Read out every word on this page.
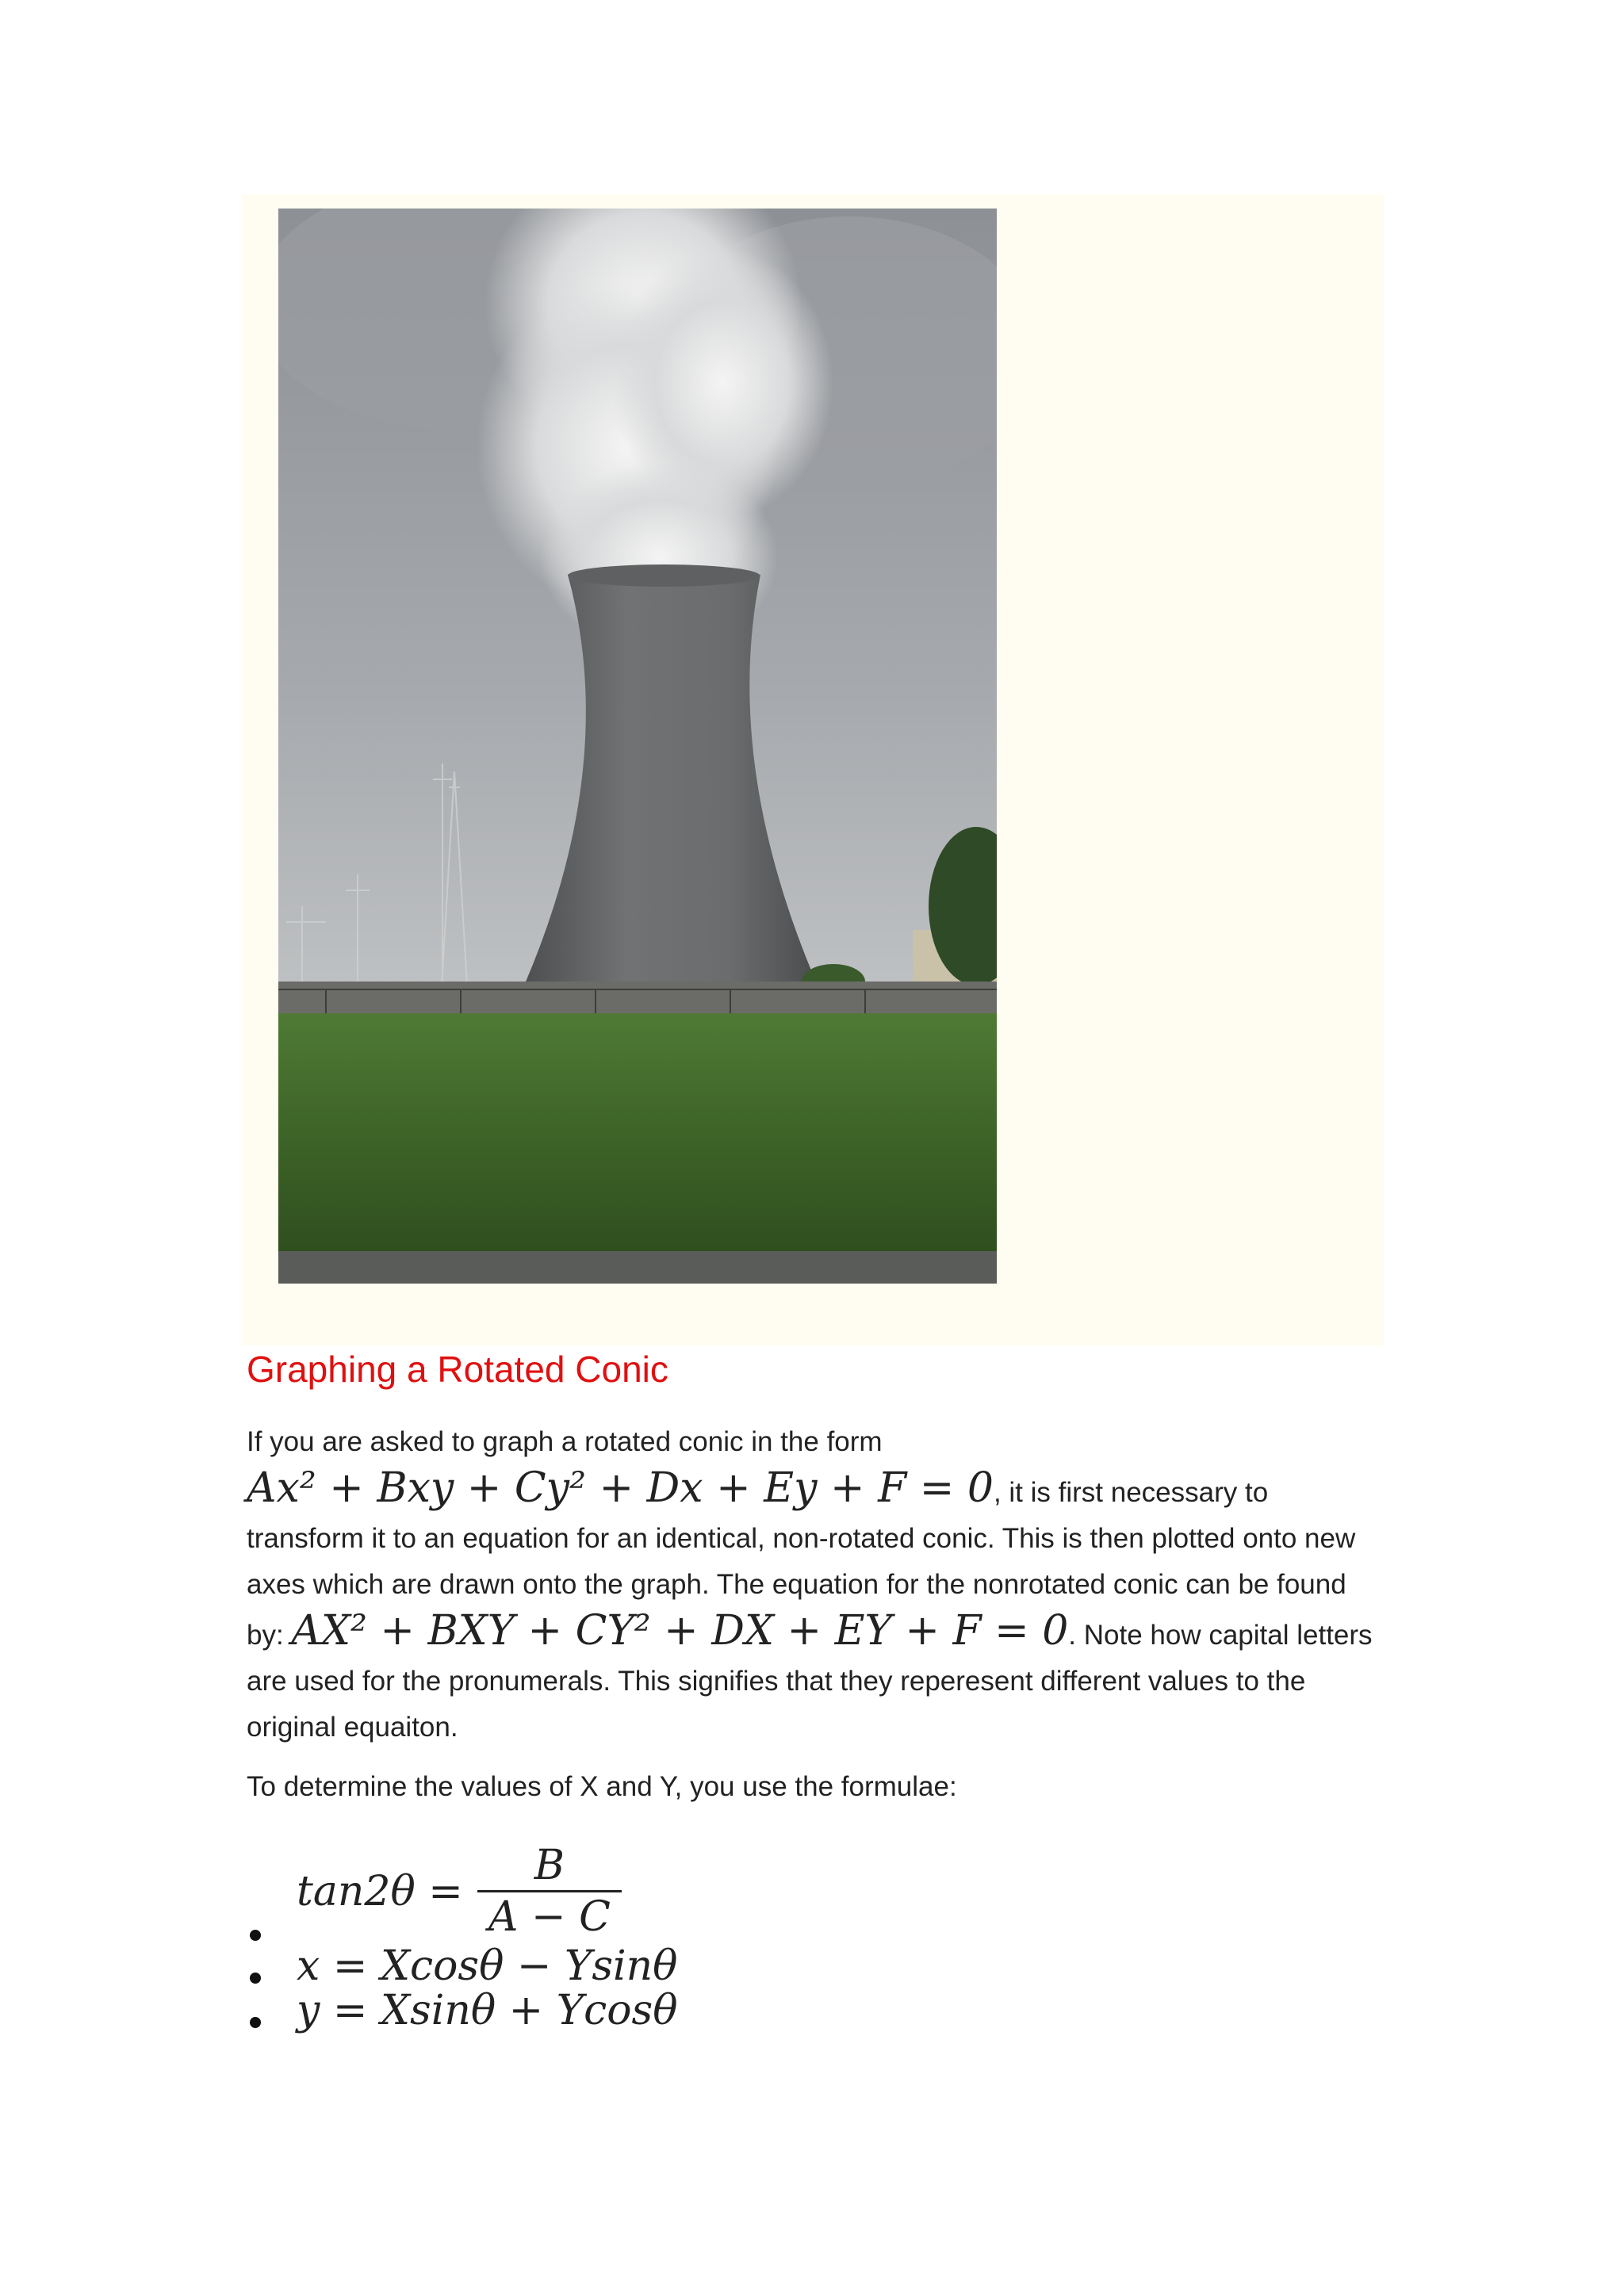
Graphing a Rotated Conic

If you are asked to graph a rotated conic in the form Ax² + Bxy + Cy² + Dx + Ey + F = 0, it is first necessary to transform it to an equation for an identical, non-rotated conic. This is then plotted onto new axes which are drawn onto the graph. The equation for the nonrotated conic can be found by: AX² + BXY + CY² + DX + EY + F = 0. Note how capital letters are used for the pronumerals. This signifies that they reperesent different values to the original equaiton.

To determine the values of X and Y, you use the formulae:

$\tan 2\theta = \frac{B}{A - C}$
x = Xcosθ − Ysinθ
y = Xsinθ + Ycosθ
